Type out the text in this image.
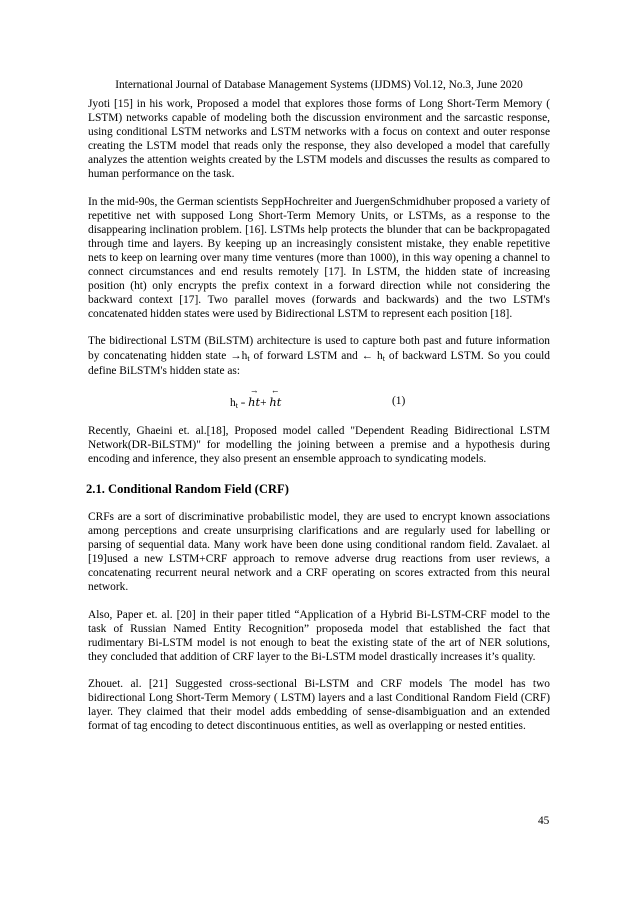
International Journal of Database Management Systems (IJDMS) Vol.12, No.3, June 2020

Jyoti [15] in his work, Proposed a model that explores those forms of Long Short-Term Memory ( LSTM) networks capable of modeling both the discussion environment and the sarcastic response, using conditional LSTM networks and LSTM networks with a focus on context and outer response creating the LSTM model that reads only the response, they also developed a model that carefully analyzes the attention weights created by the LSTM models and discusses the results as compared to human performance on the task.

In the mid-90s, the German scientists SeppHochreiter and JuergenSchmidhuber proposed a variety of repetitive net with supposed Long Short-Term Memory Units, or LSTMs, as a response to the disappearing inclination problem. [16]. LSTMs help protects the blunder that can be backpropagated through time and layers. By keeping up an increasingly consistent mistake, they enable repetitive nets to keep on learning over many time ventures (more than 1000), in this way opening a channel to connect circumstances and end results remotely [17]. In LSTM, the hidden state of increasing position (ht) only encrypts the prefix context in a forward direction while not considering the backward context [17]. Two parallel moves (forwards and backwards) and the two LSTM's concatenated hidden states were used by Bidirectional LSTM to represent each position [18].

The bidirectional LSTM (BiLSTM) architecture is used to capture both past and future information by concatenating hidden state $\to h_t$ of forward LSTM and ← $h_t$ of backward LSTM. So you could define BiLSTM's hidden state as:

$h_t$ =
→
ht+
←
ht	(1)

Recently, Ghaeini et. al.[18], Proposed model called "Dependent Reading Bidirectional LSTM Network(DR-BiLSTM)" for modelling the joining between a premise and a hypothesis during encoding and inference, they also present an ensemble approach to syndicating models.

2.1. Conditional Random Field (CRF)

CRFs are a sort of discriminative probabilistic model, they are used to encrypt known associations among perceptions and create unsurprising clarifications and are regularly used for labelling or parsing of sequential data. Many work have been done using conditional random field. Zavalaet. al [19]used a new LSTM+CRF approach to remove adverse drug reactions from user reviews, a concatenating recurrent neural network and a CRF operating on scores extracted from this neural network.

Also, Paper et. al. [20] in their paper titled “Application of a Hybrid Bi-LSTM-CRF model to the task of Russian Named Entity Recognition” proposeda model that established the fact that rudimentary Bi-LSTM model is not enough to beat the existing state of the art of NER solutions, they concluded that addition of CRF layer to the Bi-LSTM model drastically increases it’s quality.

Zhouet. al. [21] Suggested cross-sectional Bi-LSTM and CRF models The model has two bidirectional Long Short-Term Memory ( LSTM) layers and a last Conditional Random Field (CRF) layer. They claimed that their model adds embedding of sense-disambiguation and an extended format of tag encoding to detect discontinuous entities, as well as overlapping or nested entities.

45
